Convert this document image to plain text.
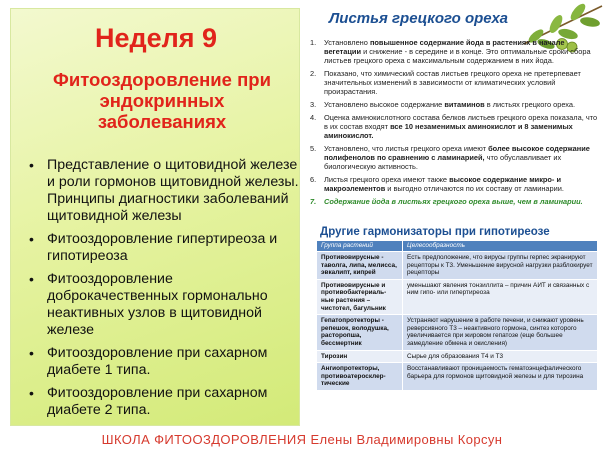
Неделя 9
Фитооздоровление при
эндокринных
заболеваниях
• Представление о щитовидной железе и роли гормонов щитовидной железы. Принципы диагностики заболеваний щитовидной железы
• Фитооздоровление гипертиреоза и гипотиреоза
• Фитооздоровление доброкачественных гормонально неактивных узлов в щитовидной железе
• Фитооздоровление при сахарном диабете 1 типа.
• Фитооздоровление при сахарном диабете 2 типа.
Листья грецкого ореха
1. Установлено повышенное содержание йода в растениях в начале вегетации и снижение - в середине и в конце. Это оптимальные сроки сбора листьев грецкого ореха с максимальным содержанием в них йода.
2. Показано, что химический состав листьев грецкого ореха не претерпевает значительных изменений в зависимости от климатических условий произрастания.
3. Установлено высокое содержание витаминов в листьях грецкого ореха.
4. Оценка аминокислотного состава белков листьев грецкого ореха показала, что в их состав входят все 10 незаменимых аминокислот и 8 заменимых аминокислот.
5. Установлено, что листья грецкого ореха имеют более высокое содержание полифенолов по сравнению с ламинарией, что обуславливает их биологическую активность.
6. Листья грецкого ореха имеют также высокое содержание микро- и макроэлементов и выгодно отличаются по их составу от ламинарии.
7. Содержание йода в листьях грецкого ореха выше, чем в ламинарии.
Другие гармонизаторы при гипотиреозе
Группа растений	Целесообразность
Противовирусные - таволга, липа, мелисса, эвкалипт, кипрей	Есть предположение, что вирусы группы герпес экранируют рецепторы к Т3. Уменьшение вирусной нагрузки разблокирует рецепторы
Противовирусные и противобактериаль-ные растения – чистотел, багульник	уменьшают явления тонзиллита – причин АИТ и связанных с ним гипо- или гипертиреоза
Гепатопротекторы - репешок, володушка, расторопша, бессмертник	Устраняют нарушение в работе печени, и снижают уровень реверсивного Т3 – неактивного гормона, синтез которого увеличивается при жировом гепатозе (еще большее замедление обмена и окисления)
Тирозин	Сырье для образования Т4 и Т3
Ангиопротекторы, противоатеросклер-тические	Восстанавливают проницаемость гематоэнцефалического барьера для гормонов щитовидной железы и для тирозина
ШКОЛА ФИТООЗДОРОВЛЕНИЯ Елены Владимировны Корсун
